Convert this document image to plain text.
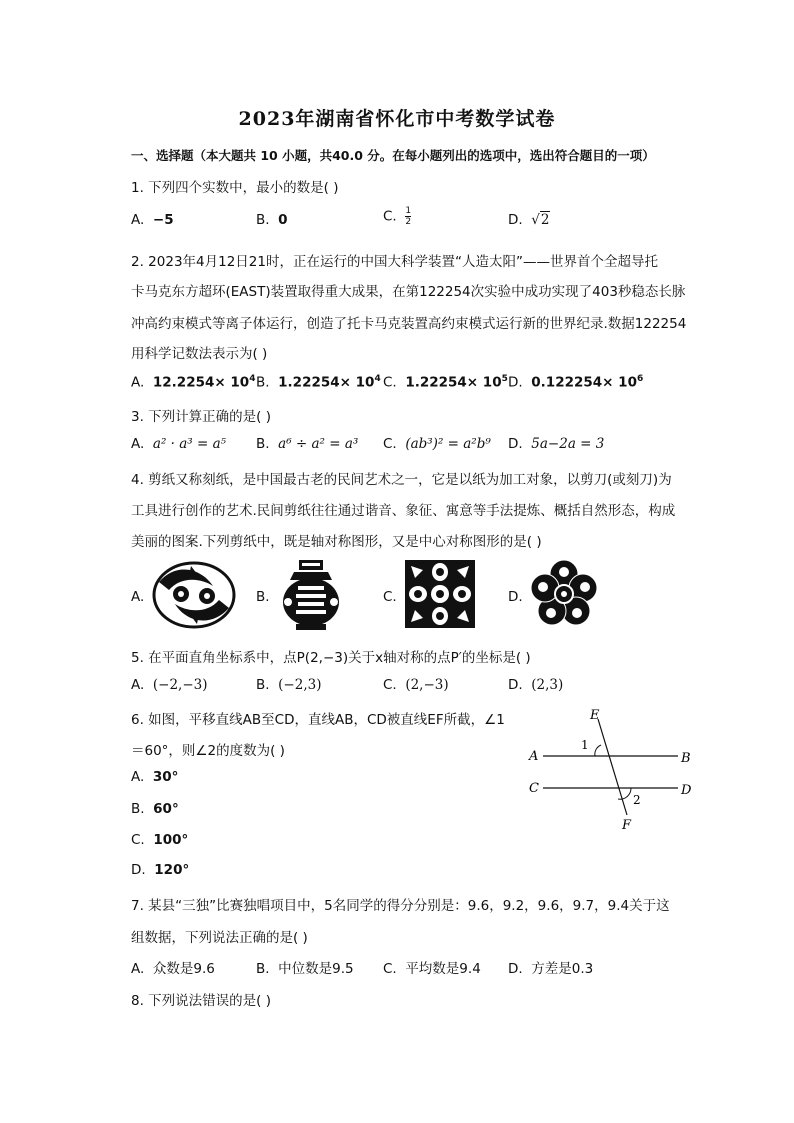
2023年湖南省怀化市中考数学试卷
一、选择题（本大题共 10 小题，共40.0 分。在每小题列出的选项中，选出符合题目的一项）
1. 下列四个实数中，最小的数是( )
A. −5	B. 0	C. $\frac{1}{2}$	D. √2
2. 2023年4月12日21时，正在运行的中国大科学装置“人造太阳”——世界首个全超导托
卡马克东方超环(EAST)装置取得重大成果，在第122254次实验中成功实现了403秒稳态长脉
冲高约束模式等离子体运行，创造了托卡马克装置高约束模式运行新的世界纪录.数据122254
用科学记数法表示为( )
A. $12.2254\times 10^4$ B. $1.22254\times 10^4$ C. $1.22254\times 10^5$ D. $0.122254\times 10^6$
3. 下列计算正确的是( )
A. a² · a³ = a⁵ B. a⁶ ÷ a² = a³ C. (ab³)² = a²b⁹ D. 5a−2a = 3
4. 剪纸又称刻纸，是中国最古老的民间艺术之一，它是以纸为加工对象，以剪刀(或刻刀)为
工具进行创作的艺术.民间剪纸往往通过谐音、象征、寓意等手法提炼、概括自然形态，构成
美丽的图案.下列剪纸中，既是轴对称图形，又是中心对称图形的是( )
A.	B.	C.	D.
5. 在平面直角坐标系中，点P(2,−3)关于x轴对称的点P′的坐标是( )
A. (−2,−3)	B. (−2,3)	C. (2,−3)	D. (2,3)
6. 如图，平移直线AB至CD，直线AB，CD被直线EF所截，∠1
＝60°，则∠2的度数为( )
A. 30°
B. 60°
C. 100°
D. 120°
E
F
A	B
C	D
1
2
7. 某县“三独”比赛独唱项目中，5名同学的得分分别是：9.6，9.2，9.6，9.7，9.4关于这
组数据，下列说法正确的是( )
A. 众数是9.6	B. 中位数是9.5 C. 平均数是9.4 D. 方差是0.3
8. 下列说法错误的是( )
